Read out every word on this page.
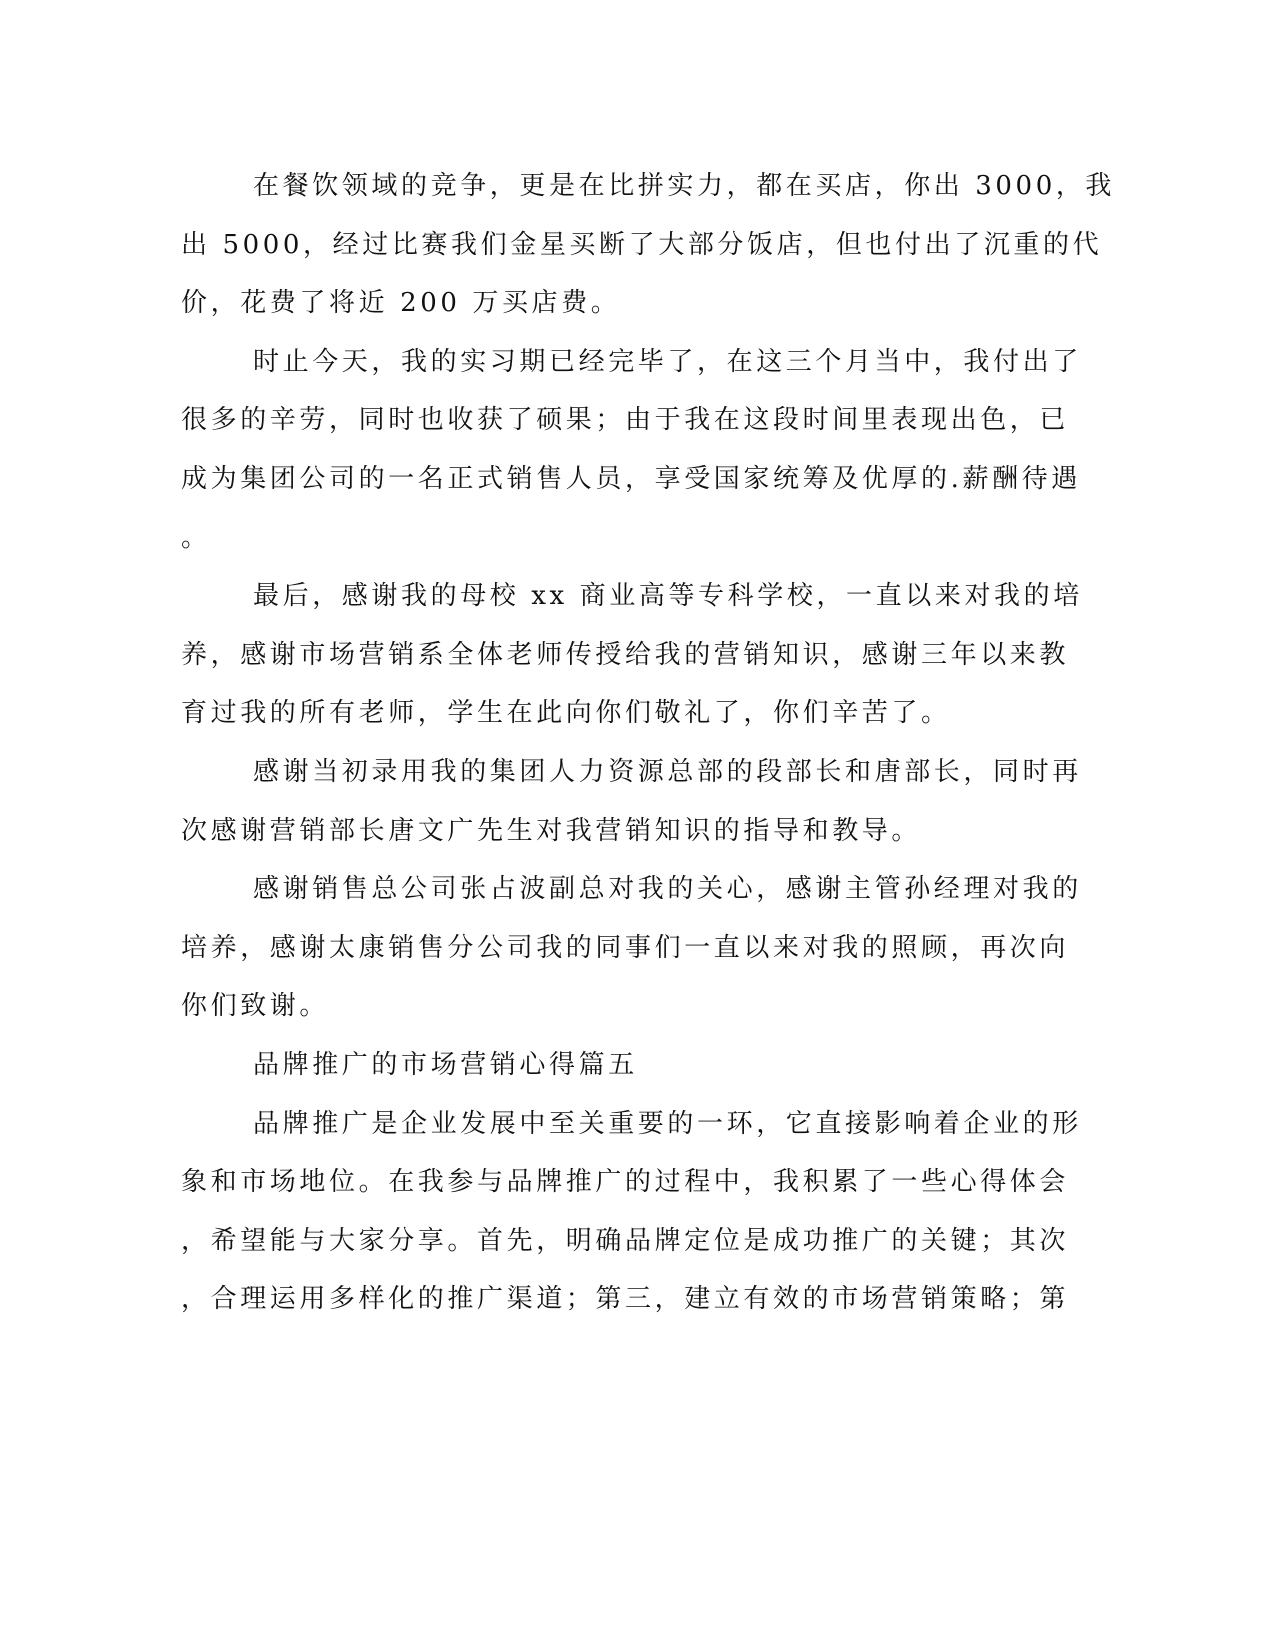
在餐饮领域的竞争，更是在比拼实力，都在买店，你出 3000，我
出 5000，经过比赛我们金星买断了大部分饭店，但也付出了沉重的代
价，花费了将近 200 万买店费。
时止今天，我的实习期已经完毕了，在这三个月当中，我付出了
很多的辛劳，同时也收获了硕果；由于我在这段时间里表现出色，已
成为集团公司的一名正式销售人员，享受国家统筹及优厚的.薪酬待遇
。
最后，感谢我的母校 xx 商业高等专科学校，一直以来对我的培
养，感谢市场营销系全体老师传授给我的营销知识，感谢三年以来教
育过我的所有老师，学生在此向你们敬礼了，你们辛苦了。
感谢当初录用我的集团人力资源总部的段部长和唐部长，同时再
次感谢营销部长唐文广先生对我营销知识的指导和教导。
感谢销售总公司张占波副总对我的关心，感谢主管孙经理对我的
培养，感谢太康销售分公司我的同事们一直以来对我的照顾，再次向
你们致谢。
品牌推广的市场营销心得篇五
品牌推广是企业发展中至关重要的一环，它直接影响着企业的形
象和市场地位。在我参与品牌推广的过程中，我积累了一些心得体会
，希望能与大家分享。首先，明确品牌定位是成功推广的关键；其次
，合理运用多样化的推广渠道；第三，建立有效的市场营销策略；第
